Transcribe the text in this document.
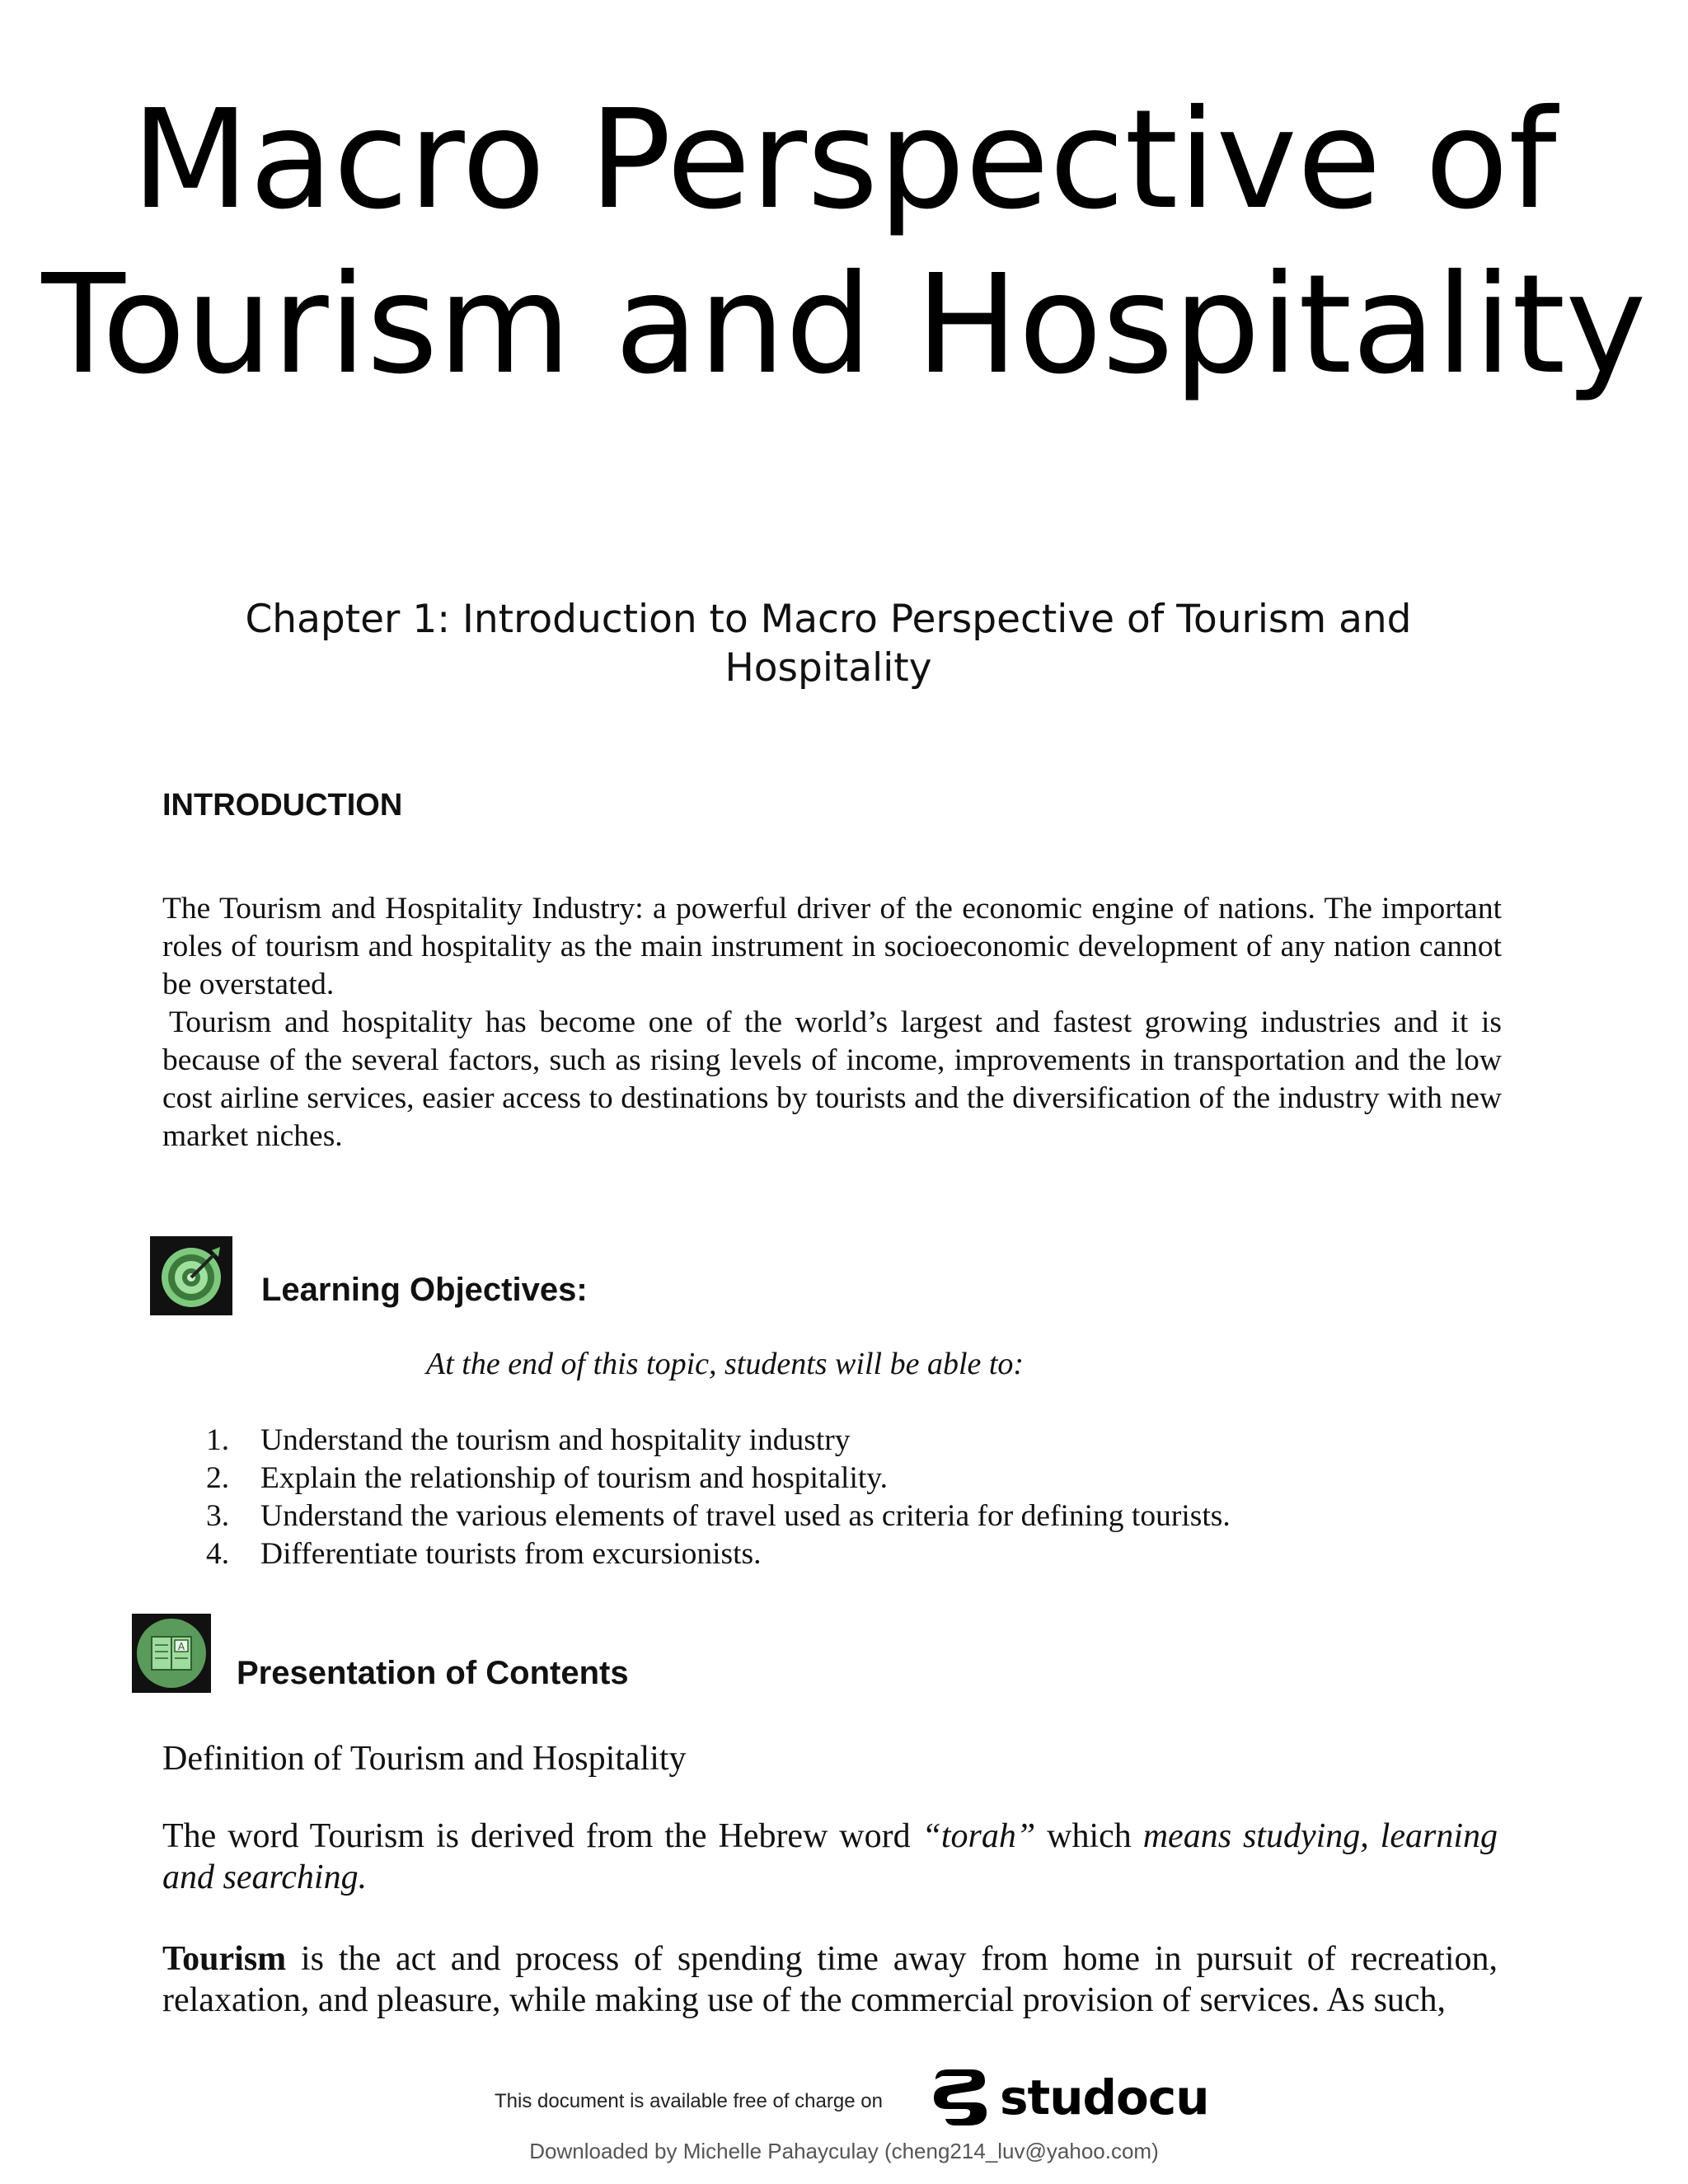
Macro Perspective of Tourism and Hospitality
Chapter 1: Introduction to Macro Perspective of Tourism and Hospitality
INTRODUCTION
The Tourism and Hospitality Industry: a powerful driver of the economic engine of nations. The important roles of tourism and hospitality as the main instrument in socioeconomic development of any nation cannot be overstated.
Tourism and hospitality has become one of the world’s largest and fastest growing industries and it is because of the several factors, such as rising levels of income, improvements in transportation and the low cost airline services, easier access to destinations by tourists and the diversification of the industry with new market niches.
Learning Objectives:
At the end of this topic, students will be able to:
1.	Understand the tourism and hospitality industry
2.	Explain the relationship of tourism and hospitality.
3.	Understand the various elements of travel used as criteria for defining tourists.
4.	Differentiate tourists from excursionists.
A
Presentation of Contents
Definition of Tourism and Hospitality
The word Tourism is derived from the Hebrew word “torah” which means studying, learning and searching.
Tourism is the act and process of spending time away from home in pursuit of recreation, relaxation, and pleasure, while making use of the commercial provision of services. As such,
This document is available free of charge on studocu
Downloaded by Michelle Pahayculay (cheng214_luv@yahoo.com)
